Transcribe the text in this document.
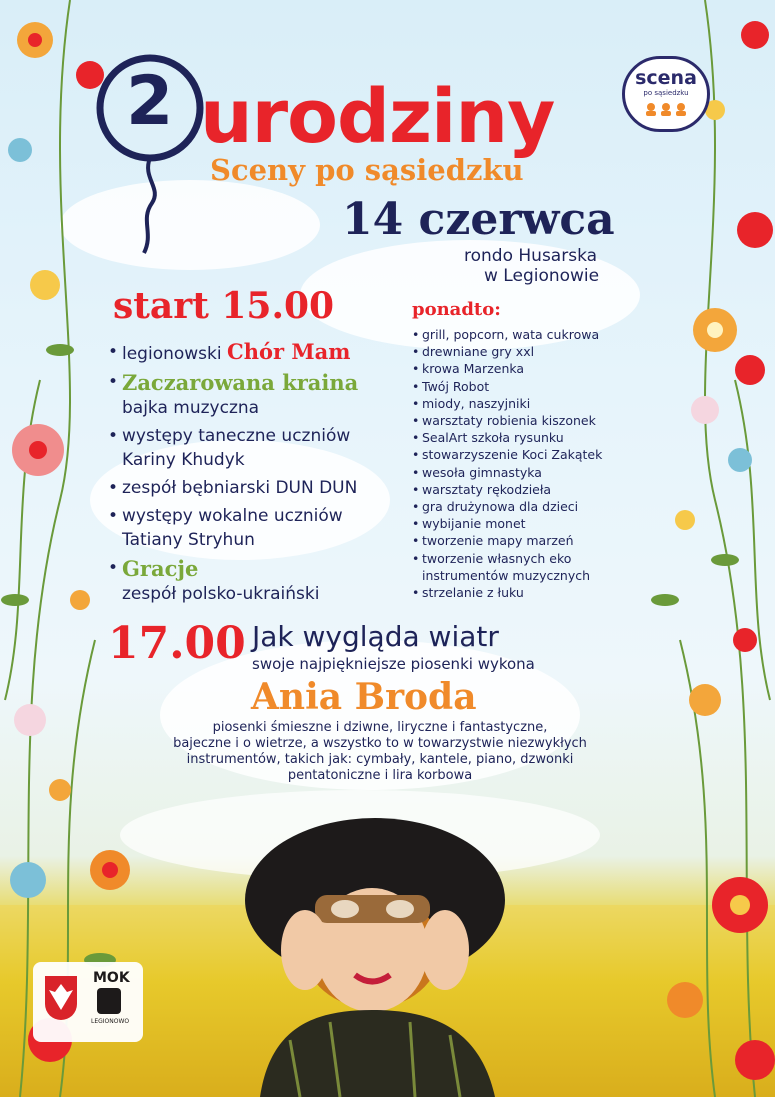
2 urodziny
Sceny po sąsiedzku
14 czerwca
rondo Husarska
w Legionowie
scena
po sąsiedzku
start 15.00
• legionowski Chór Mam
• Zaczarowana kraina
bajka muzyczna
• występy taneczne uczniów
Kariny Khudyk
• zespół bębniarski DUN DUN
• występy wokalne uczniów
Tatiany Stryhun
• Gracje
zespół polsko-ukraiński
ponadto:
• grill, popcorn, wata cukrowa
• drewniane gry xxl
• krowa Marzenka
• Twój Robot
• miody, naszyjniki
• warsztaty robienia kiszonek
• SealArt szkoła rysunku
• stowarzyszenie Koci Zakątek
• wesoła gimnastyka
• warsztaty rękodzieła
• gra drużynowa dla dzieci
• wybijanie monet
• tworzenie mapy marzeń
• tworzenie własnych eko instrumentów muzycznych
• strzelanie z łuku
17.00 Jak wygląda wiatr
swoje najpiękniejsze piosenki wykona
Ania Broda
piosenki śmieszne i dziwne, liryczne i fantastyczne,
bajeczne i o wietrze, a wszystko to w towarzystwie niezwykłych
instrumentów, takich jak: cymbały, kantele, piano, dzwonki
pentatoniczne i lira korbowa
MOK
LEGIONOWO
